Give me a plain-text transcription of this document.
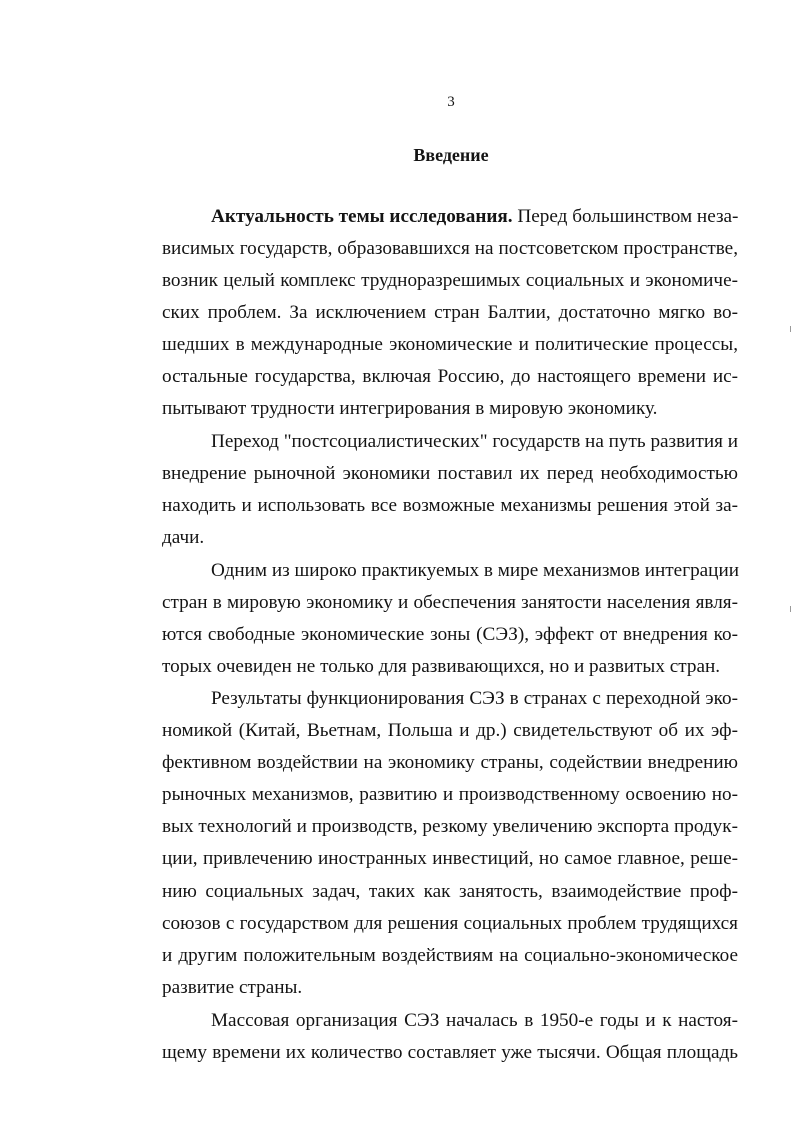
3
Введение
Актуальность темы исследования. Перед большинством неза-
висимых государств, образовавшихся на постсоветском пространстве,
возник целый комплекс трудноразрешимых социальных и экономиче-
ских проблем. За исключением стран Балтии, достаточно мягко во-
шедших в международные экономические и политические процессы,
остальные государства, включая Россию, до настоящего времени ис-
пытывают трудности интегрирования в мировую экономику.
Переход "постсоциалистических" государств на путь развития и
внедрение рыночной экономики поставил их перед необходимостью
находить и использовать все возможные механизмы решения этой за-
дачи.
Одним из широко практикуемых в мире механизмов интеграции
стран в мировую экономику и обеспечения занятости населения явля-
ются свободные экономические зоны (СЭЗ), эффект от внедрения ко-
торых очевиден не только для развивающихся, но и развитых стран.
Результаты функционирования СЭЗ в странах с переходной эко-
номикой (Китай, Вьетнам, Польша и др.) свидетельствуют об их эф-
фективном воздействии на экономику страны, содействии внедрению
рыночных механизмов, развитию и производственному освоению но-
вых технологий и производств, резкому увеличению экспорта продук-
ции, привлечению иностранных инвестиций, но самое главное, реше-
нию социальных задач, таких как занятость, взаимодействие проф-
союзов с государством для решения социальных проблем трудящихся
и другим положительным воздействиям на социально-экономическое
развитие страны.
Массовая организация СЭЗ началась в 1950-е годы и к настоя-
щему времени их количество составляет уже тысячи. Общая площадь
